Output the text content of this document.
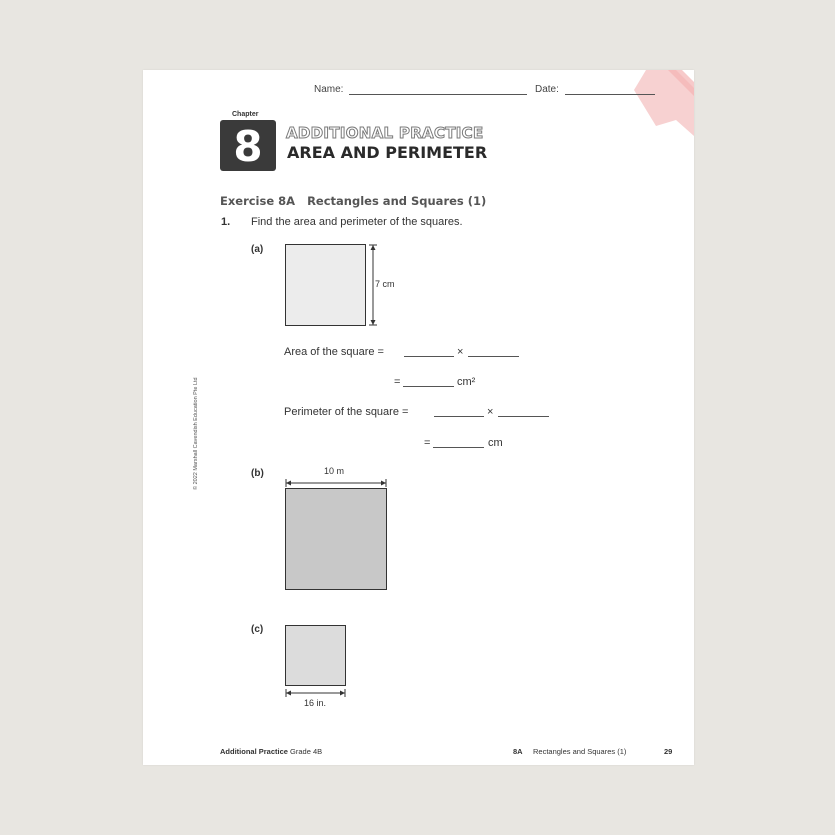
Name:	Date:
Chapter
8	ADDITIONAL PRACTICE
AREA AND PERIMETER
Exercise 8A   Rectangles and Squares (1)
1. Find the area and perimeter of the squares.
(a)
7 cm
Area of the square =	×
=	cm²
Perimeter of the square =	×
=	cm
(b)	10 m
(c)
16 in.
© 2022 Marshall Cavendish Education Pte Ltd
Additional Practice Grade 4B	8A Rectangles and Squares (1)	29
